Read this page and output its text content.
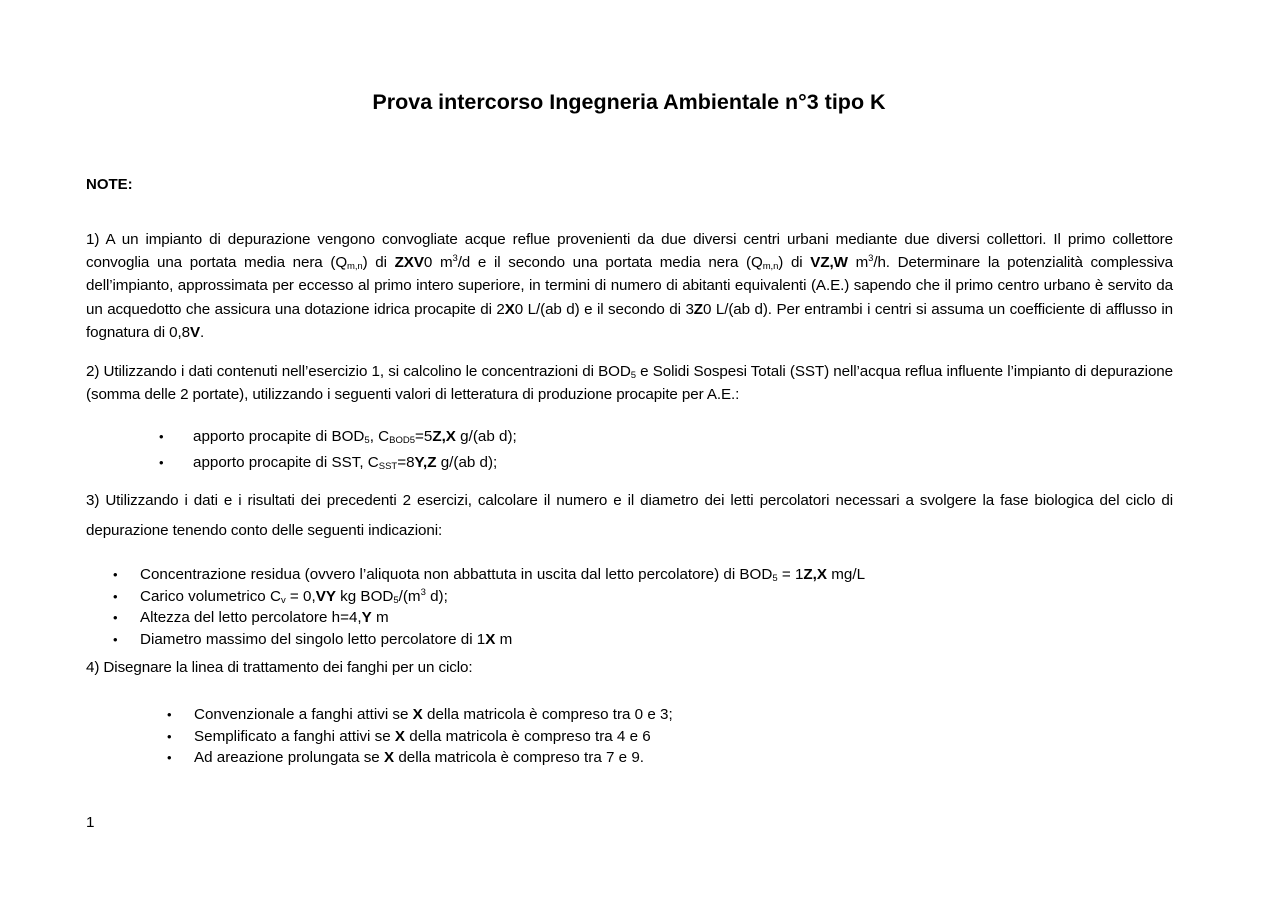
Prova intercorso Ingegneria Ambientale n°3 tipo K
NOTE:
1) A un impianto di depurazione vengono convogliate acque reflue provenienti da due diversi centri urbani mediante due diversi collettori. Il primo collettore convoglia una portata media nera $(Q_{m,n})$ di ZXV0 $m^3/d$ e il secondo una portata media nera $(Q_{m,n})$ di VZ,W $m^3/h$. Determinare la potenzialità complessiva dell’impianto, approssimata per eccesso al primo intero superiore, in termini di numero di abitanti equivalenti (A.E.) sapendo che il primo centro urbano è servito da un acquedotto che assicura una dotazione idrica procapite di 2X0 L/(ab d) e il secondo di 3Z0 L/(ab d). Per entrambi i centri si assuma un coefficiente di afflusso in fognatura di 0,8V.
2) Utilizzando i dati contenuti nell’esercizio 1, si calcolino le concentrazioni di $BOD_5$ e Solidi Sospesi Totali (SST) nell’acqua reflua influente l’impianto di depurazione (somma delle 2 portate), utilizzando i seguenti valori di letteratura di produzione procapite per A.E.:
• apporto procapite di $BOD_5$, $C_{BOD5}=5Z,X$ g/(ab d);
• apporto procapite di SST, $C_{SST}=8Y,Z$ g/(ab d);
3) Utilizzando i dati e i risultati dei precedenti 2 esercizi, calcolare il numero e il diametro dei letti percolatori necessari a svolgere la fase biologica del ciclo di depurazione tenendo conto delle seguenti indicazioni:
• Concentrazione residua (ovvero l’aliquota non abbattuta in uscita dal letto percolatore) di $BOD_5 = 1Z,X$ mg/L
• Carico volumetrico $C_v = 0,VY$ kg $BOD_5/(m^3$ d);
• Altezza del letto percolatore h=4,Y m
• Diametro massimo del singolo letto percolatore di 1X m
4) Disegnare la linea di trattamento dei fanghi per un ciclo:
• Convenzionale a fanghi attivi se X della matricola è compreso tra 0 e 3;
• Semplificato a fanghi attivi se X della matricola è compreso tra 4 e 6
• Ad areazione prolungata se X della matricola è compreso tra 7 e 9.
1
